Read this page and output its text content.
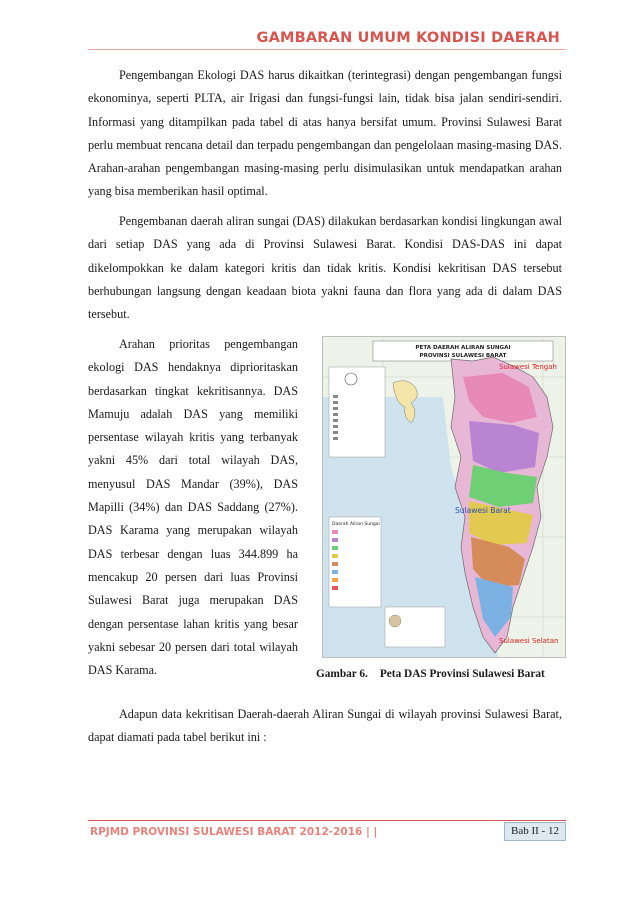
GAMBARAN UMUM KONDISI DAERAH

Pengembangan Ekologi DAS harus dikaitkan (terintegrasi) dengan pengembangan fungsi ekonominya, seperti PLTA, air Irigasi dan fungsi-fungsi lain, tidak bisa jalan sendiri-sendiri. Informasi yang ditampilkan pada tabel di atas hanya bersifat umum. Provinsi Sulawesi Barat perlu membuat rencana detail dan terpadu pengembangan dan pengelolaan masing-masing DAS. Arahan-arahan pengembangan masing-masing perlu disimulasikan untuk mendapatkan arahan yang bisa memberikan hasil optimal.

Pengembanan daerah aliran sungai (DAS) dilakukan berdasarkan kondisi lingkungan awal dari setiap DAS yang ada di Provinsi Sulawesi Barat. Kondisi DAS-DAS ini dapat dikelompokkan ke dalam kategori kritis dan tidak kritis. Kondisi kekritisan DAS tersebut berhubungan langsung dengan keadaan biota yakni fauna dan flora yang ada di dalam DAS tersebut.

Arahan prioritas pengembangan ekologi DAS hendaknya diprioritaskan berdasarkan tingkat kekritisannya. DAS Mamuju adalah DAS yang memiliki persentase wilayah kritis yang terbanyak yakni 45% dari total wilayah DAS, menyusul DAS Mandar (39%), DAS Mapilli (34%) dan DAS Saddang (27%). DAS Karama yang merupakan wilayah DAS terbesar dengan luas 344.899 ha mencakup 20 persen dari luas Provinsi Sulawesi Barat juga merupakan DAS dengan persentase lahan kritis yang besar yakni sebesar 20 persen dari total wilayah DAS Karama.

PETA DAERAH ALIRAN SUNGAI
PROVINSI SULAWESI BARAT
Sulawesi Tengah
Sulawesi Barat
Sulawesi Selatan
Daerah Aliran Sungai
Gambar 6. Peta DAS Provinsi Sulawesi Barat

Adapun data kekritisan Daerah-daerah Aliran Sungai di wilayah provinsi Sulawesi Barat, dapat diamati pada tabel berikut ini :

RPJMD PROVINSI SULAWESI BARAT 2012-2016 | |	Bab II - 12
